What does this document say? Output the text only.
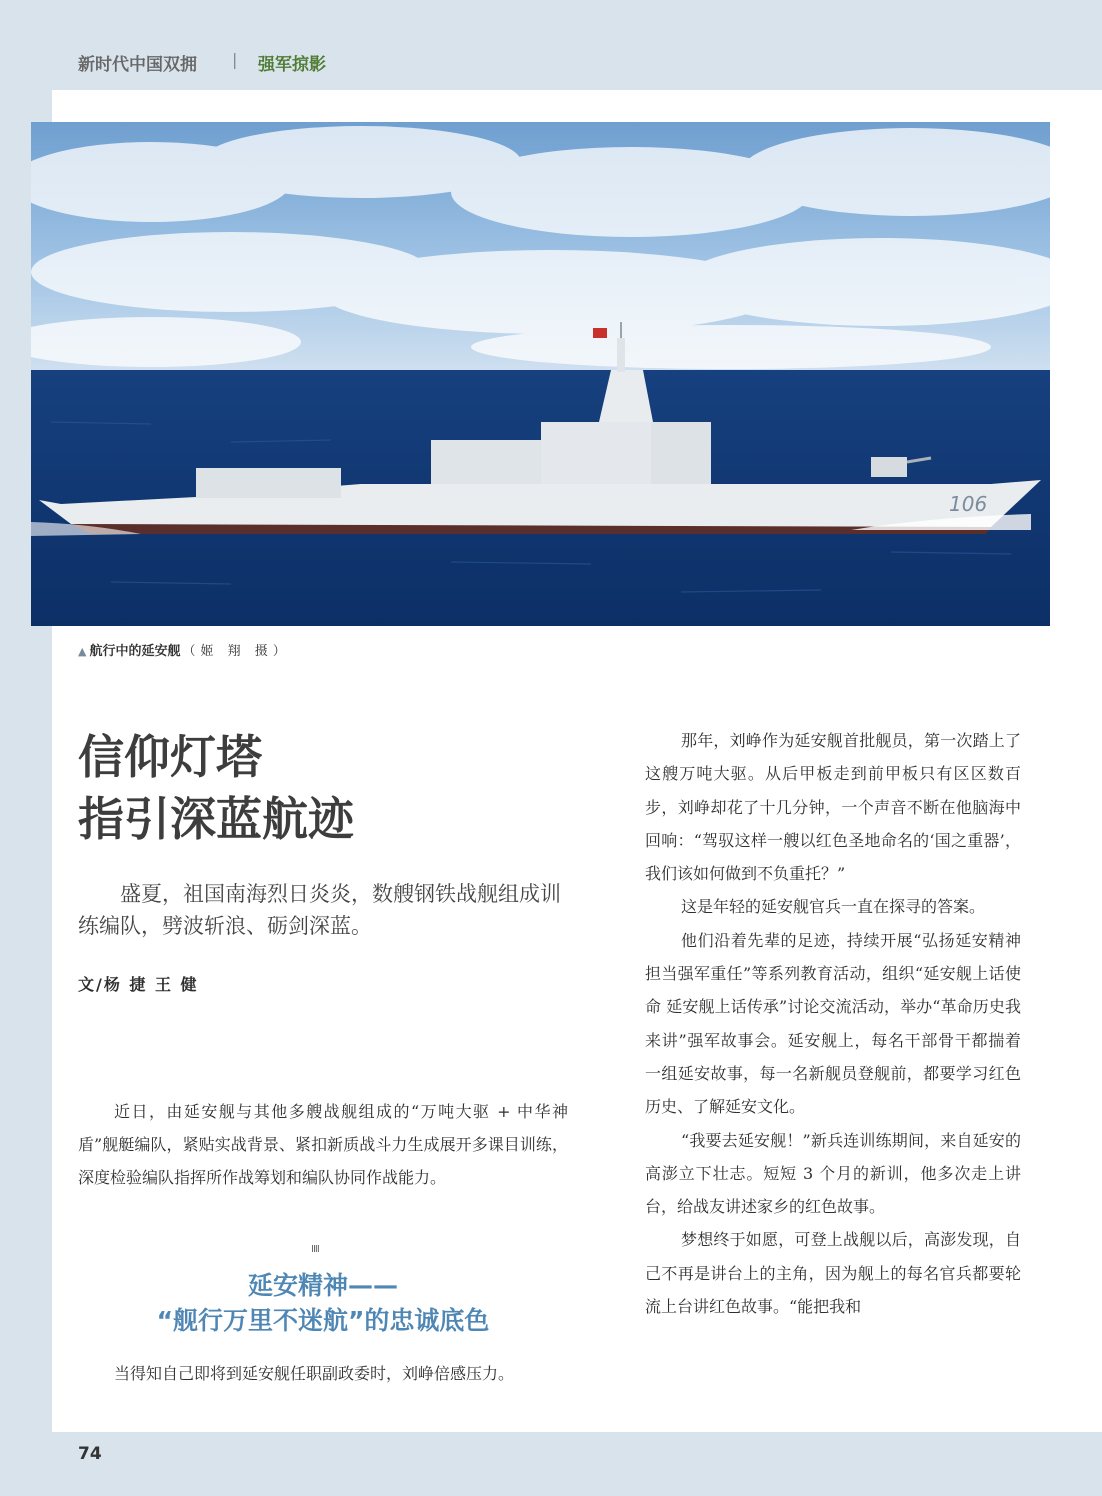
新时代中国双拥 | 强军掠影
106
▲ 航行中的延安舰 （姬 翔 摄）
信仰灯塔
指引深蓝航迹
盛夏，祖国南海烈日炎炎，数艘钢铁战舰组成训练编队，劈波斩浪、砺剑深蓝。
文/杨 捷 王 健
近日，由延安舰与其他多艘战舰组成的“万吨大驱 + 中华神盾”舰艇编队，紧贴实战背景、紧扣新质战斗力生成展开多课目训练，深度检验编队指挥所作战筹划和编队协同作战能力。
IIII
延安精神——
“舰行万里不迷航”的忠诚底色
当得知自己即将到延安舰任职副政委时，刘峥倍感压力。

那年，刘峥作为延安舰首批舰员，第一次踏上了这艘万吨大驱。从后甲板走到前甲板只有区区数百步，刘峥却花了十几分钟，一个声音不断在他脑海中回响：“驾驭这样一艘以红色圣地命名的‘国之重器’，我们该如何做到不负重托？”

这是年轻的延安舰官兵一直在探寻的答案。

他们沿着先辈的足迹，持续开展“弘扬延安精神 担当强军重任”等系列教育活动，组织“延安舰上话使命 延安舰上话传承”讨论交流活动，举办“革命历史我来讲”强军故事会。延安舰上，每名干部骨干都揣着一组延安故事，每一名新舰员登舰前，都要学习红色历史、了解延安文化。

“我要去延安舰！”新兵连训练期间，来自延安的高澎立下壮志。短短 3 个月的新训，他多次走上讲台，给战友讲述家乡的红色故事。

梦想终于如愿，可登上战舰以后，高澎发现，自己不再是讲台上的主角，因为舰上的每名官兵都要轮流上台讲红色故事。“能把我和

74
